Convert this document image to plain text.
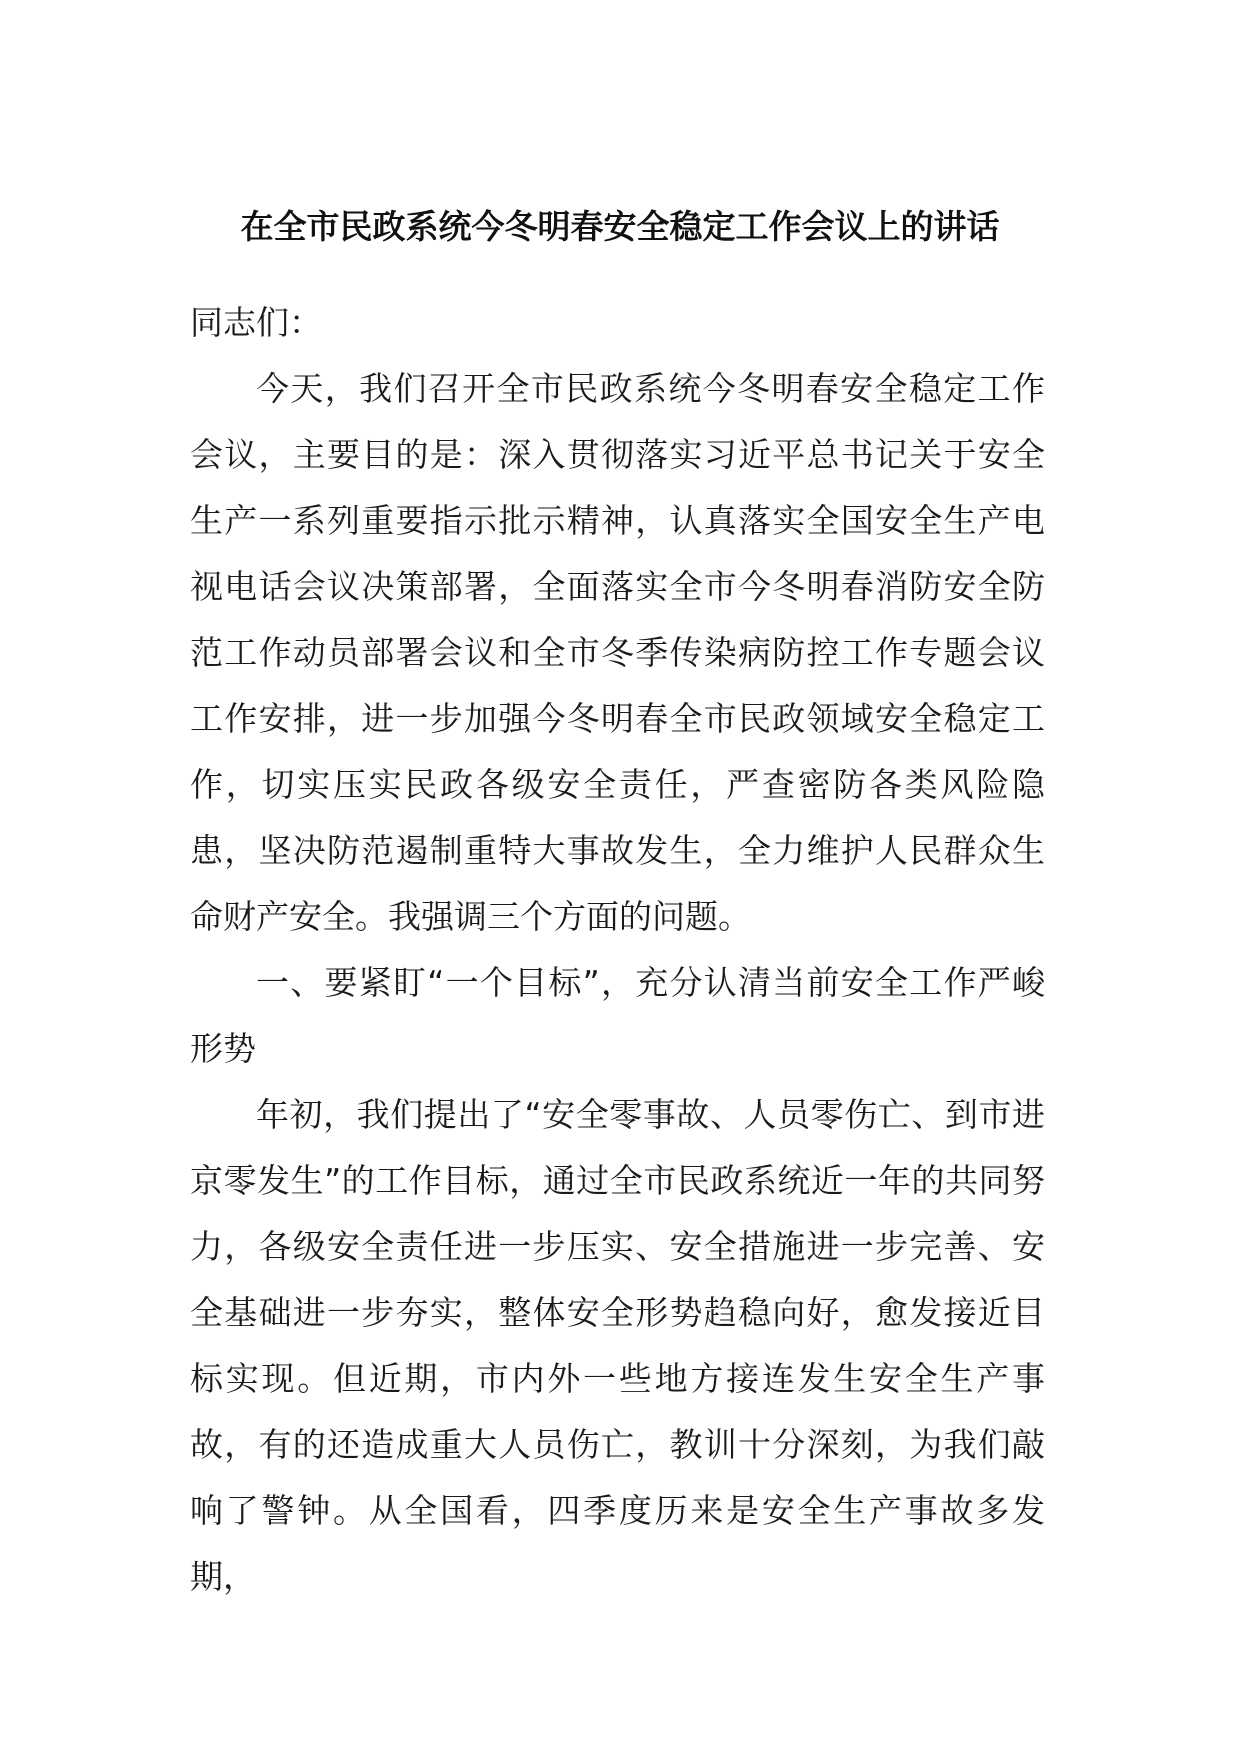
在全市民政系统今冬明春安全稳定工作会议上的讲话

同志们：

今天，我们召开全市民政系统今冬明春安全稳定工作会议，主要目的是：深入贯彻落实习近平总书记关于安全生产一系列重要指示批示精神，认真落实全国安全生产电视电话会议决策部署，全面落实全市今冬明春消防安全防范工作动员部署会议和全市冬季传染病防控工作专题会议工作安排，进一步加强今冬明春全市民政领域安全稳定工作，切实压实民政各级安全责任，严查密防各类风险隐患，坚决防范遏制重特大事故发生，全力维护人民群众生命财产安全。我强调三个方面的问题。

一、要紧盯“一个目标”，充分认清当前安全工作严峻形势

年初，我们提出了“安全零事故、人员零伤亡、到市进京零发生”的工作目标，通过全市民政系统近一年的共同努力，各级安全责任进一步压实、安全措施进一步完善、安全基础进一步夯实，整体安全形势趋稳向好，愈发接近目标实现。但近期，市内外一些地方接连发生安全生产事故，有的还造成重大人员伤亡，教训十分深刻，为我们敲响了警钟。从全国看，四季度历来是安全生产事故多发期，
